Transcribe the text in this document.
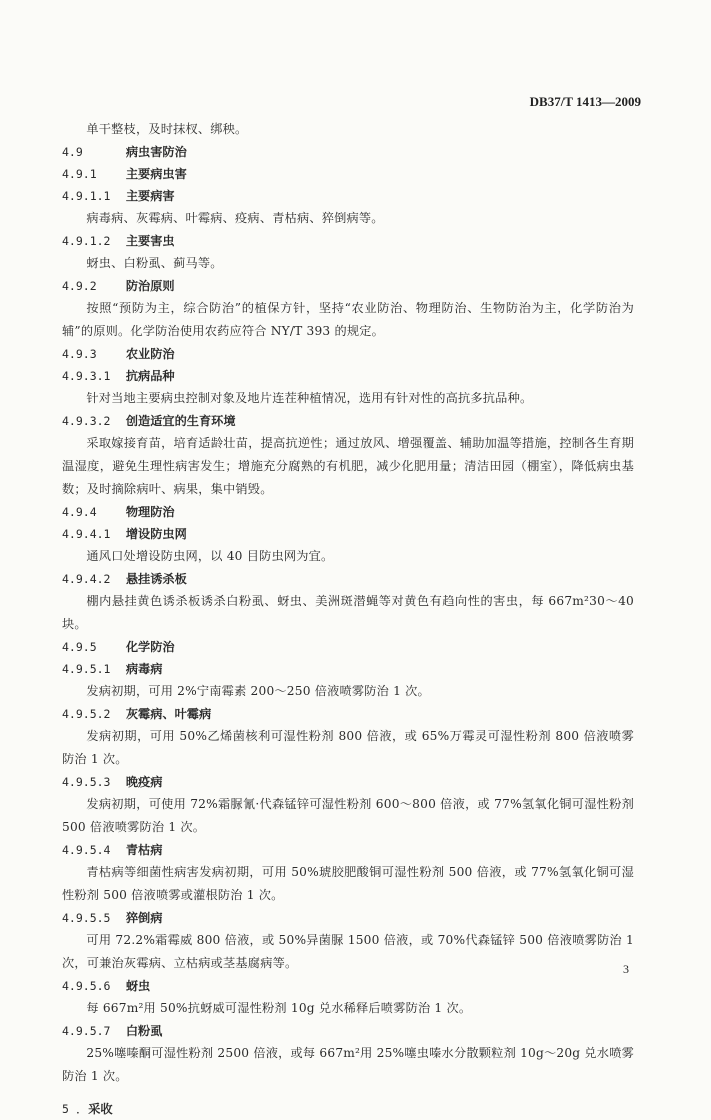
DB37/T 1413—2009
单干整枝，及时抹杈、绑秧。
4.9	病虫害防治
4.9.1 主要病虫害
4.9.1.1 主要病害
病毒病、灰霉病、叶霉病、疫病、青枯病、猝倒病等。
4.9.1.2 主要害虫
蚜虫、白粉虱、蓟马等。
4.9.2 防治原则
按照“预防为主，综合防治”的植保方针，坚持“农业防治、物理防治、生物防治为主，化学防治为辅”的原则。化学防治使用农药应符合 NY/T 393 的规定。
4.9.3 农业防治
4.9.3.1 抗病品种
针对当地主要病虫控制对象及地片连茬种植情况，选用有针对性的高抗多抗品种。
4.9.3.2 创造适宜的生育环境
采取嫁接育苗，培育适龄壮苗，提高抗逆性；通过放风、增强覆盖、辅助加温等措施，控制各生育期温湿度，避免生理性病害发生；增施充分腐熟的有机肥，减少化肥用量；清洁田园（棚室），降低病虫基数；及时摘除病叶、病果，集中销毁。
4.9.4 物理防治
4.9.4.1 增设防虫网
通风口处增设防虫网，以 40 目防虫网为宜。
4.9.4.2 悬挂诱杀板
棚内悬挂黄色诱杀板诱杀白粉虱、蚜虫、美洲斑潜蝇等对黄色有趋向性的害虫，每 667m²30～40 块。
4.9.5 化学防治
4.9.5.1 病毒病
发病初期，可用 2%宁南霉素 200～250 倍液喷雾防治 1 次。
4.9.5.2 灰霉病、叶霉病
发病初期，可用 50%乙烯菌核利可湿性粉剂 800 倍液，或 65%万霉灵可湿性粉剂 800 倍液喷雾防治 1 次。
4.9.5.3 晚疫病
发病初期，可使用 72%霜脲氰·代森锰锌可湿性粉剂 600～800 倍液，或 77%氢氧化铜可湿性粉剂 500 倍液喷雾防治 1 次。
4.9.5.4 青枯病
青枯病等细菌性病害发病初期，可用 50%琥胶肥酸铜可湿性粉剂 500 倍液，或 77%氢氧化铜可湿性粉剂 500 倍液喷雾或灌根防治 1 次。
4.9.5.5 猝倒病
可用 72.2%霜霉威 800 倍液，或 50%异菌脲 1500 倍液，或 70%代森锰锌 500 倍液喷雾防治 1 次，可兼治灰霉病、立枯病或茎基腐病等。
4.9.5.6 蚜虫
每 667m²用 50%抗蚜威可湿性粉剂 10g 兑水稀释后喷雾防治 1 次。
4.9.5.7 白粉虱
25%噻嗪酮可湿性粉剂 2500 倍液，或每 667m²用 25%噻虫嗪水分散颗粒剂 10g～20g 兑水喷雾防治 1 次。
5 ．采收
3
